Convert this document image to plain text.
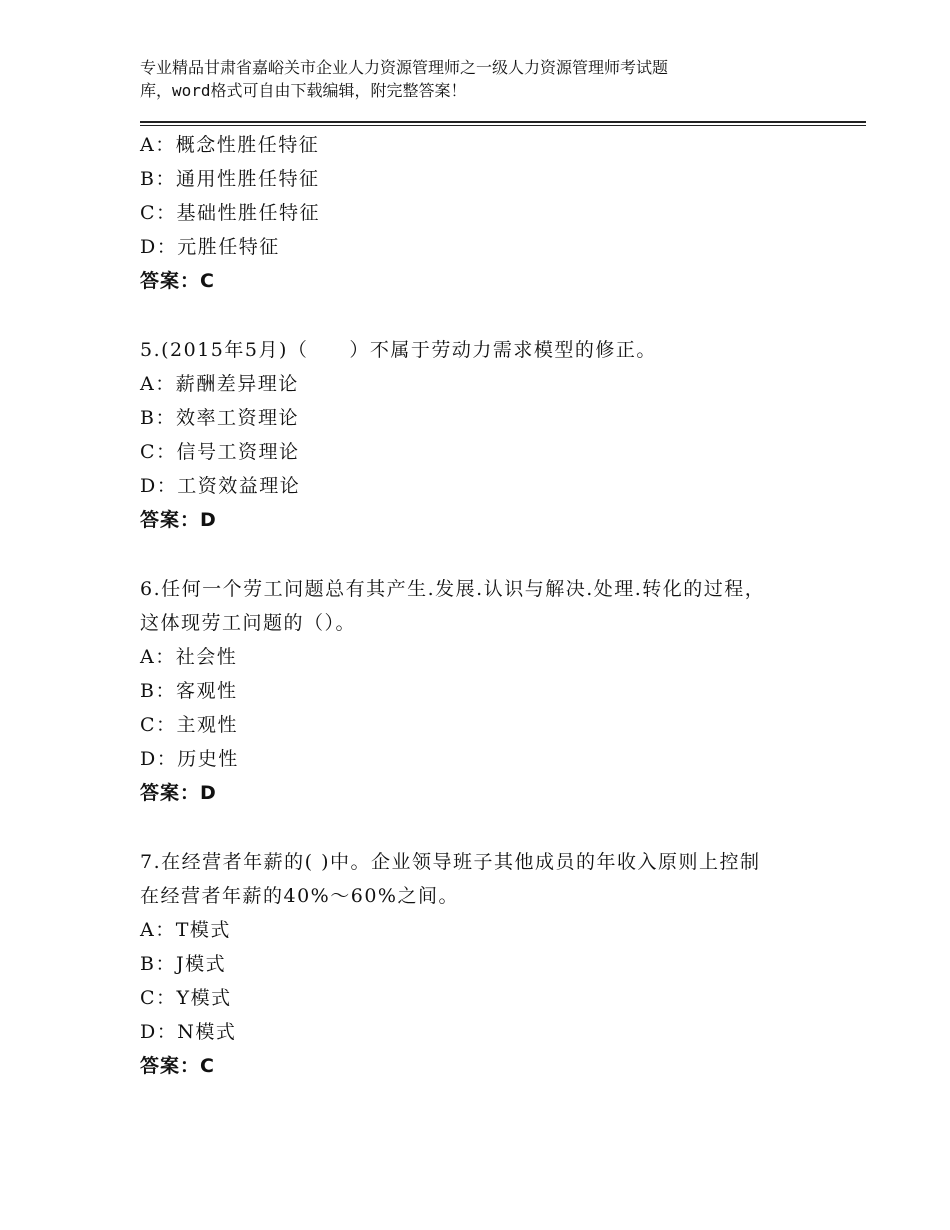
专业精品甘肃省嘉峪关市企业人力资源管理师之一级人力资源管理师考试题
库，word格式可自由下载编辑，附完整答案！
A：概念性胜任特征
B：通用性胜任特征
C：基础性胜任特征
D：元胜任特征
答案：C
5.(2015年5月)（　　）不属于劳动力需求模型的修正。
A：薪酬差异理论
B：效率工资理论
C：信号工资理论
D：工资效益理论
答案：D
6.任何一个劳工问题总有其产生.发展.认识与解决.处理.转化的过程，
这体现劳工问题的（）。
A：社会性
B：客观性
C：主观性
D：历史性
答案：D
7.在经营者年薪的( )中。企业领导班子其他成员的年收入原则上控制
在经营者年薪的40%～60%之间。
A：T模式
B：J模式
C：Y模式
D：N模式
答案：C
